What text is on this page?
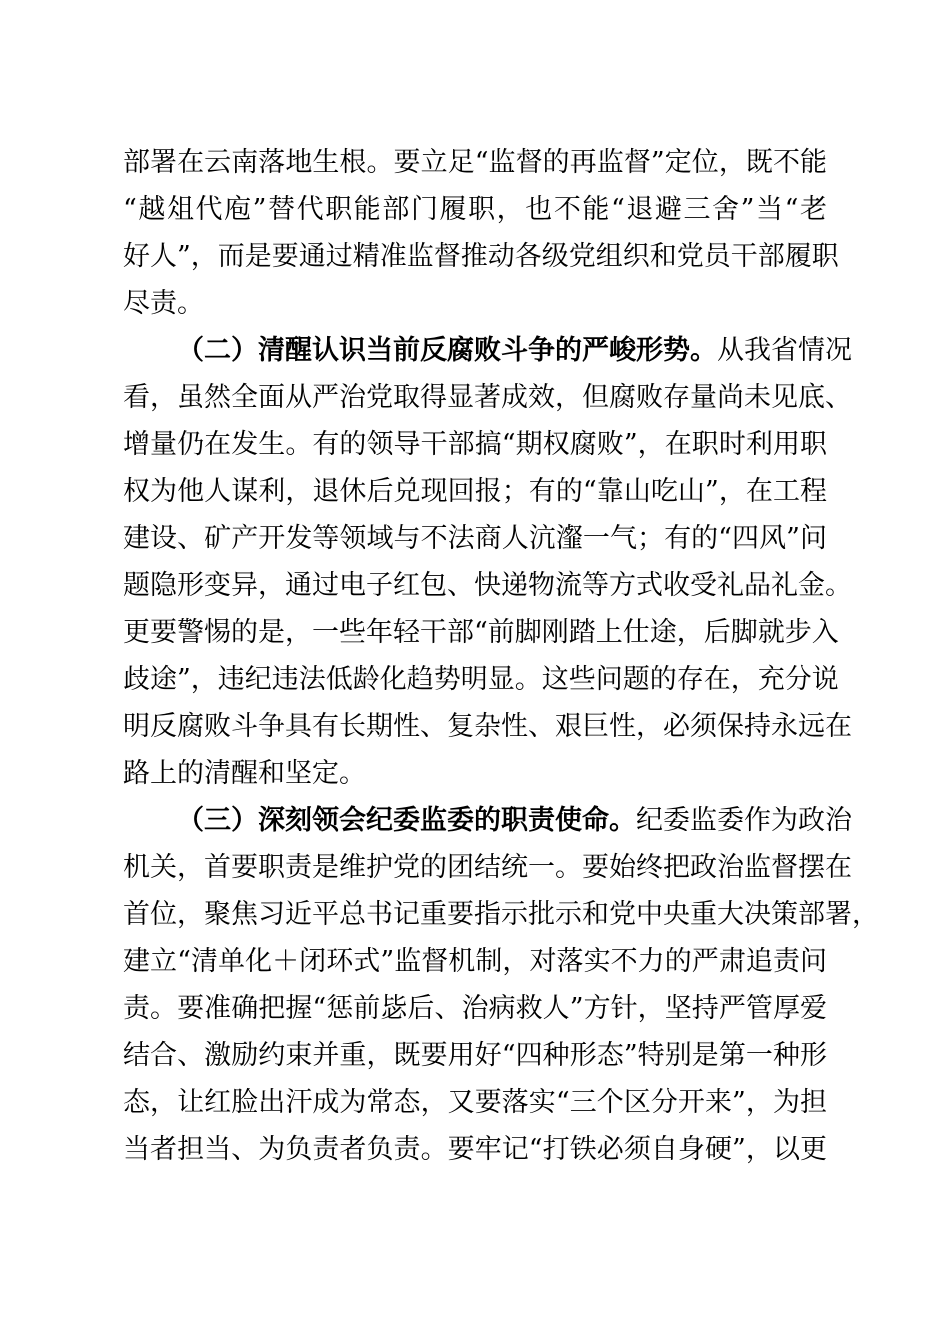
部署在云南落地生根。要立足“监督的再监督”定位，既不能
“越俎代庖”替代职能部门履职，也不能“退避三舍”当“老
好人”，而是要通过精准监督推动各级党组织和党员干部履职
尽责。
（二）清醒认识当前反腐败斗争的严峻形势。从我省情况
看，虽然全面从严治党取得显著成效，但腐败存量尚未见底、
增量仍在发生。有的领导干部搞“期权腐败”，在职时利用职
权为他人谋利，退休后兑现回报；有的“靠山吃山”，在工程
建设、矿产开发等领域与不法商人沆瀣一气；有的“四风”问
题隐形变异，通过电子红包、快递物流等方式收受礼品礼金。
更要警惕的是，一些年轻干部“前脚刚踏上仕途，后脚就步入
歧途”，违纪违法低龄化趋势明显。这些问题的存在，充分说
明反腐败斗争具有长期性、复杂性、艰巨性，必须保持永远在
路上的清醒和坚定。
（三）深刻领会纪委监委的职责使命。纪委监委作为政治
机关，首要职责是维护党的团结统一。要始终把政治监督摆在
首位，聚焦习近平总书记重要指示批示和党中央重大决策部署，
建立“清单化＋闭环式”监督机制，对落实不力的严肃追责问
责。要准确把握“惩前毖后、治病救人”方针，坚持严管厚爱
结合、激励约束并重，既要用好“四种形态”特别是第一种形
态，让红脸出汗成为常态，又要落实“三个区分开来”，为担
当者担当、为负责者负责。要牢记“打铁必须自身硬”，以更
